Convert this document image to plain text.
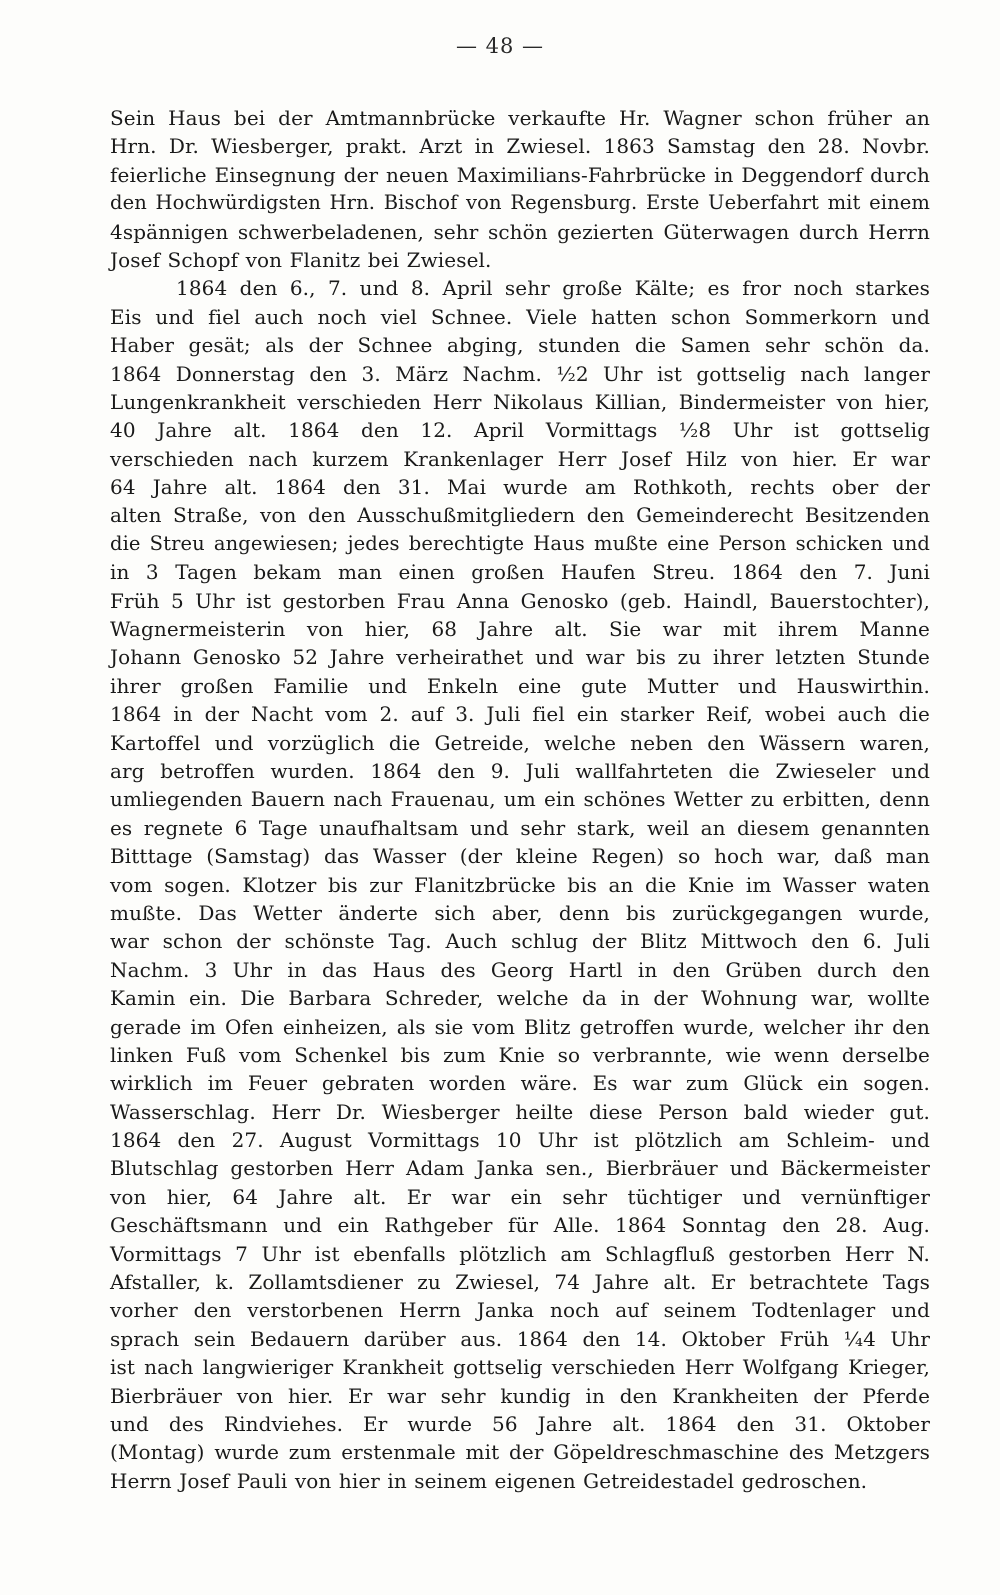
— 48 —
Sein Haus bei der Amtmannbrücke verkaufte Hr. Wagner schon früher an
Hrn. Dr. Wiesberger, prakt. Arzt in Zwiesel. 1863 Samstag den 28. Novbr.
feierliche Einsegnung der neuen Maximilians-Fahrbrücke in Deggendorf durch
den Hochwürdigsten Hrn. Bischof von Regensburg. Erste Ueberfahrt mit einem
4spännigen schwerbeladenen, sehr schön gezierten Güterwagen durch Herrn
Josef Schopf von Flanitz bei Zwiesel.
1864 den 6., 7. und 8. April sehr große Kälte; es fror noch starkes
Eis und fiel auch noch viel Schnee. Viele hatten schon Sommerkorn und
Haber gesät; als der Schnee abging, stunden die Samen sehr schön da.
1864 Donnerstag den 3. März Nachm. ½2 Uhr ist gottselig nach langer
Lungenkrankheit verschieden Herr Nikolaus Killian, Bindermeister von hier,
40 Jahre alt. 1864 den 12. April Vormittags ½8 Uhr ist gottselig
verschieden nach kurzem Krankenlager Herr Josef Hilz von hier. Er war
64 Jahre alt. 1864 den 31. Mai wurde am Rothkoth, rechts ober der
alten Straße, von den Ausschußmitgliedern den Gemeinderecht Besitzenden
die Streu angewiesen; jedes berechtigte Haus mußte eine Person schicken und
in 3 Tagen bekam man einen großen Haufen Streu. 1864 den 7. Juni
Früh 5 Uhr ist gestorben Frau Anna Genosko (geb. Haindl, Bauerstochter),
Wagnermeisterin von hier, 68 Jahre alt. Sie war mit ihrem Manne
Johann Genosko 52 Jahre verheirathet und war bis zu ihrer letzten Stunde
ihrer großen Familie und Enkeln eine gute Mutter und Hauswirthin.
1864 in der Nacht vom 2. auf 3. Juli fiel ein starker Reif, wobei auch die
Kartoffel und vorzüglich die Getreide, welche neben den Wässern waren,
arg betroffen wurden. 1864 den 9. Juli wallfahrteten die Zwieseler und
umliegenden Bauern nach Frauenau, um ein schönes Wetter zu erbitten, denn
es regnete 6 Tage unaufhaltsam und sehr stark, weil an diesem genannten
Bitttage (Samstag) das Wasser (der kleine Regen) so hoch war, daß man
vom sogen. Klotzer bis zur Flanitzbrücke bis an die Knie im Wasser waten
mußte. Das Wetter änderte sich aber, denn bis zurückgegangen wurde,
war schon der schönste Tag. Auch schlug der Blitz Mittwoch den 6. Juli
Nachm. 3 Uhr in das Haus des Georg Hartl in den Grüben durch den
Kamin ein. Die Barbara Schreder, welche da in der Wohnung war, wollte
gerade im Ofen einheizen, als sie vom Blitz getroffen wurde, welcher ihr den
linken Fuß vom Schenkel bis zum Knie so verbrannte, wie wenn derselbe
wirklich im Feuer gebraten worden wäre. Es war zum Glück ein sogen.
Wasserschlag. Herr Dr. Wiesberger heilte diese Person bald wieder gut.
1864 den 27. August Vormittags 10 Uhr ist plötzlich am Schleim- und
Blutschlag gestorben Herr Adam Janka sen., Bierbräuer und Bäckermeister
von hier, 64 Jahre alt. Er war ein sehr tüchtiger und vernünftiger
Geschäftsmann und ein Rathgeber für Alle. 1864 Sonntag den 28. Aug.
Vormittags 7 Uhr ist ebenfalls plötzlich am Schlagfluß gestorben Herr N.
Afstaller, k. Zollamtsdiener zu Zwiesel, 74 Jahre alt. Er betrachtete Tags
vorher den verstorbenen Herrn Janka noch auf seinem Todtenlager und
sprach sein Bedauern darüber aus. 1864 den 14. Oktober Früh ¼4 Uhr
ist nach langwieriger Krankheit gottselig verschieden Herr Wolfgang Krieger,
Bierbräuer von hier. Er war sehr kundig in den Krankheiten der Pferde
und des Rindviehes. Er wurde 56 Jahre alt. 1864 den 31. Oktober
(Montag) wurde zum erstenmale mit der Göpeldreschmaschine des Metzgers
Herrn Josef Pauli von hier in seinem eigenen Getreidestadel gedroschen.
